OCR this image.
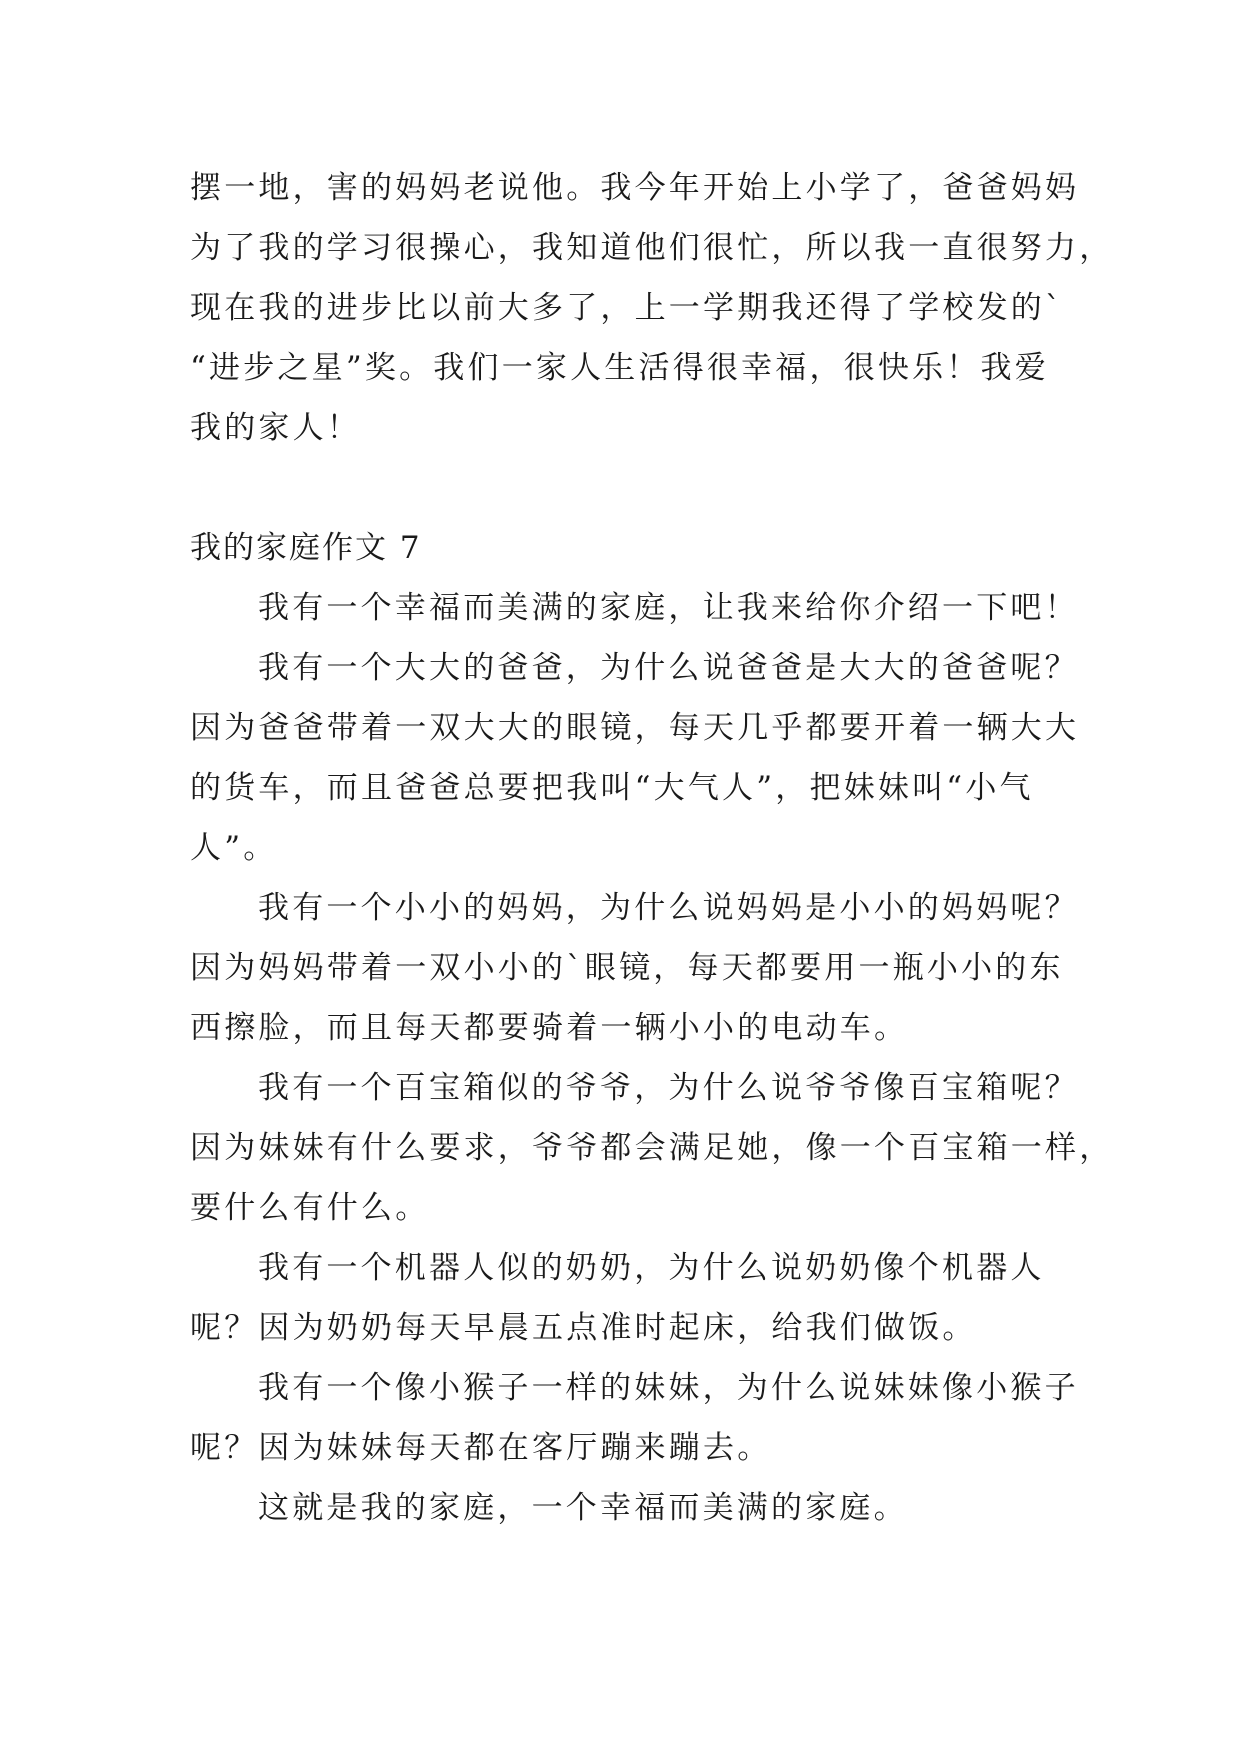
摆一地，害的妈妈老说他。我今年开始上小学了，爸爸妈妈
为了我的学习很操心，我知道他们很忙，所以我一直很努力，
现在我的进步比以前大多了，上一学期我还得了学校发的`
“进步之星”奖。我们一家人生活得很幸福，很快乐！我爱
我的家人！
我的家庭作文 7
我有一个幸福而美满的家庭，让我来给你介绍一下吧！
我有一个大大的爸爸，为什么说爸爸是大大的爸爸呢？
因为爸爸带着一双大大的眼镜，每天几乎都要开着一辆大大
的货车，而且爸爸总要把我叫“大气人”，把妹妹叫“小气
人”。
我有一个小小的妈妈，为什么说妈妈是小小的妈妈呢？
因为妈妈带着一双小小的`眼镜，每天都要用一瓶小小的东
西擦脸，而且每天都要骑着一辆小小的电动车。
我有一个百宝箱似的爷爷，为什么说爷爷像百宝箱呢？
因为妹妹有什么要求，爷爷都会满足她，像一个百宝箱一样，
要什么有什么。
我有一个机器人似的奶奶，为什么说奶奶像个机器人
呢？因为奶奶每天早晨五点准时起床，给我们做饭。
我有一个像小猴子一样的妹妹，为什么说妹妹像小猴子
呢？因为妹妹每天都在客厅蹦来蹦去。
这就是我的家庭，一个幸福而美满的家庭。
